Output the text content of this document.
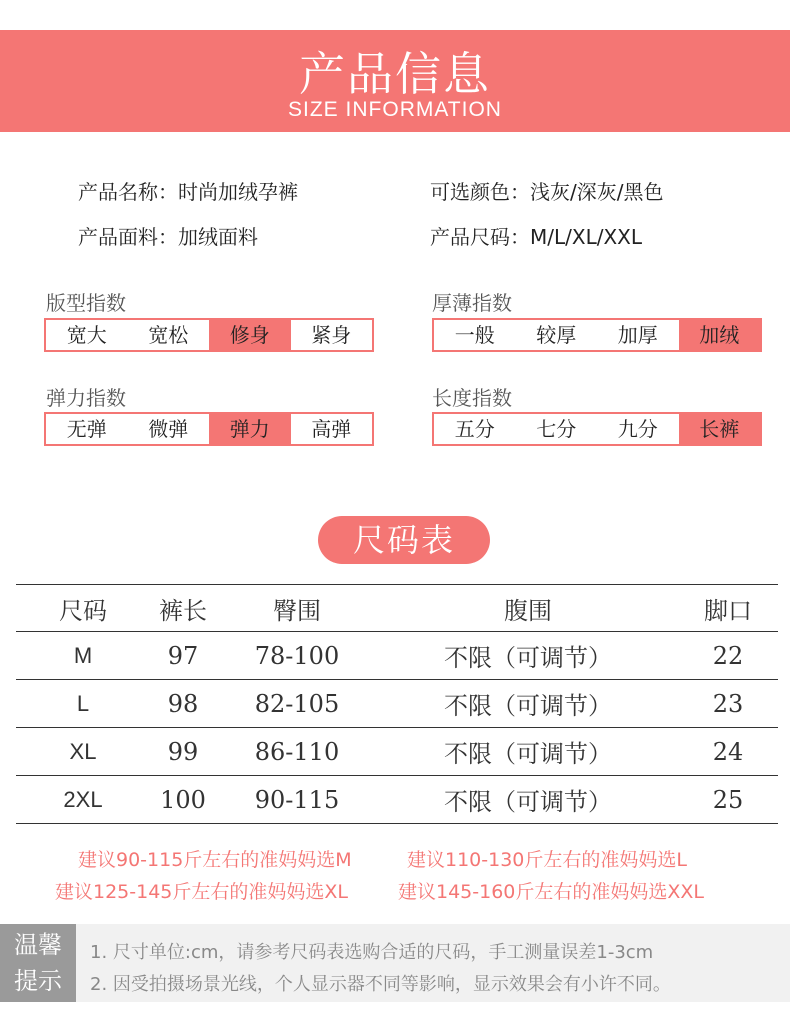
产品信息
SIZE INFORMATION
产品名称：时尚加绒孕裤	可选颜色：浅灰/深灰/黑色
产品面料：加绒面料	产品尺码：M/L/XL/XXL
版型指数
宽大	宽松	修身	紧身
厚薄指数
一般	较厚	加厚	加绒
弹力指数
无弹	微弹	弹力	高弹
长度指数
五分	七分	九分	长裤
尺码表
尺码	裤长	臀围	腹围	脚口
M	97	78-100	不限（可调节）	22
L	98	82-105	不限（可调节）	23
XL	99	86-110	不限（可调节）	24
2XL	100	90-115	不限（可调节）	25
建议90-115斤左右的准妈妈选M	建议110-130斤左右的准妈妈选L
建议125-145斤左右的准妈妈选XL	建议145-160斤左右的准妈妈选XXL
温馨
提示
1. 尺寸单位:cm，请参考尺码表选购合适的尺码，手工测量误差1-3cm
2. 因受拍摄场景光线，个人显示器不同等影响，显示效果会有小许不同。
